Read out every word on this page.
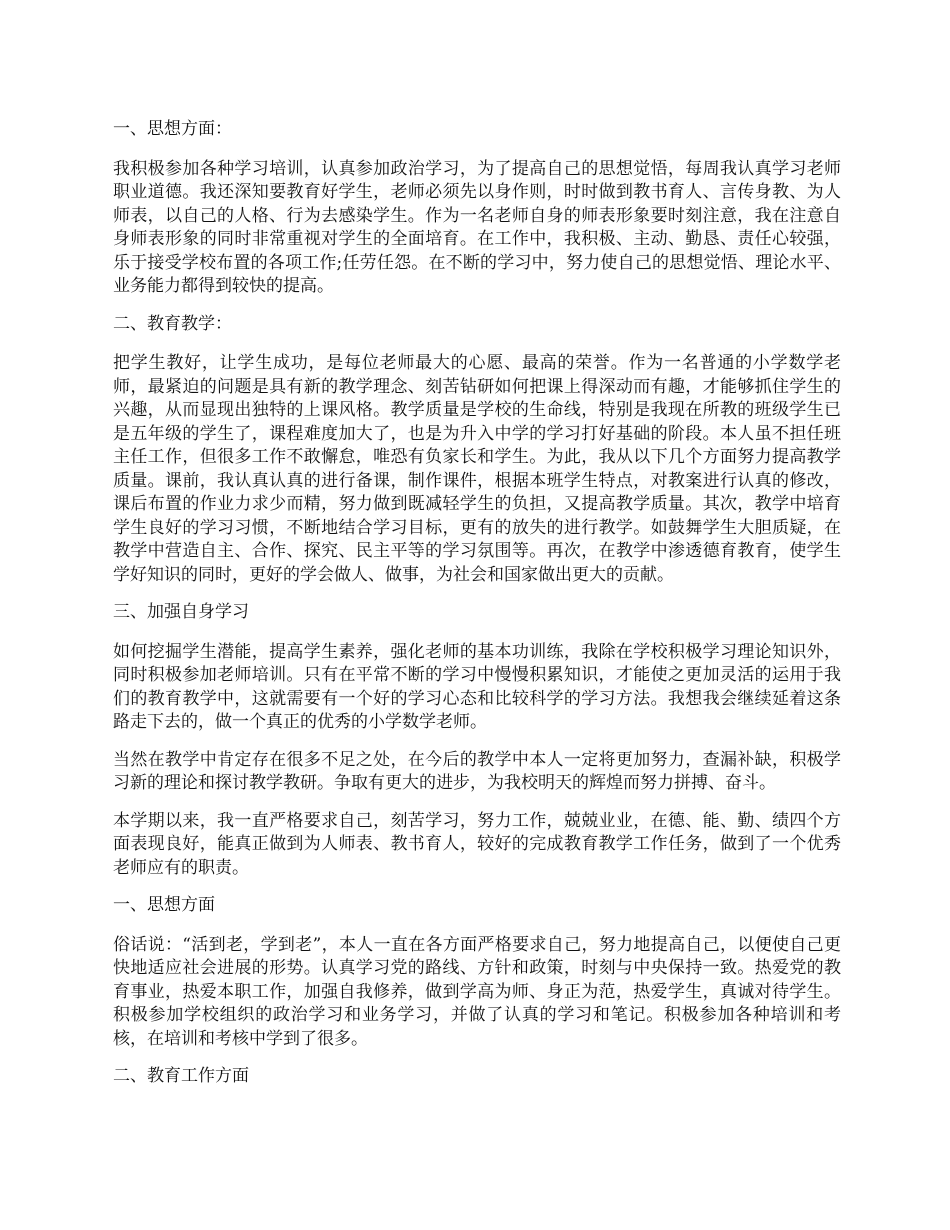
一、思想方面：

我积极参加各种学习培训，认真参加政治学习，为了提高自己的思想觉悟，每周我认真学习老师职业道德。我还深知要教育好学生，老师必须先以身作则，时时做到教书育人、言传身教、为人师表，以自己的人格、行为去感染学生。作为一名老师自身的师表形象要时刻注意，我在注意自身师表形象的同时非常重视对学生的全面培育。在工作中，我积极、主动、勤恳、责任心较强，乐于接受学校布置的各项工作;任劳任怨。在不断的学习中，努力使自己的思想觉悟、理论水平、业务能力都得到较快的提高。

二、教育教学：

把学生教好，让学生成功，是每位老师最大的心愿、最高的荣誉。作为一名普通的小学数学老师，最紧迫的问题是具有新的教学理念、刻苦钻研如何把课上得深动而有趣，才能够抓住学生的兴趣，从而显现出独特的上课风格。教学质量是学校的生命线，特别是我现在所教的班级学生已是五年级的学生了，课程难度加大了，也是为升入中学的学习打好基础的阶段。本人虽不担任班主任工作，但很多工作不敢懈怠，唯恐有负家长和学生。为此，我从以下几个方面努力提高教学质量。课前，我认真认真的进行备课，制作课件，根据本班学生特点，对教案进行认真的修改，课后布置的作业力求少而精，努力做到既减轻学生的负担，又提高教学质量。其次，教学中培育学生良好的学习习惯，不断地结合学习目标，更有的放失的进行教学。如鼓舞学生大胆质疑，在教学中营造自主、合作、探究、民主平等的学习氛围等。再次，在教学中渗透德育教育，使学生学好知识的同时，更好的学会做人、做事，为社会和国家做出更大的贡献。

三、加强自身学习

如何挖掘学生潜能，提高学生素养，强化老师的基本功训练，我除在学校积极学习理论知识外，同时积极参加老师培训。只有在平常不断的学习中慢慢积累知识，才能使之更加灵活的运用于我们的教育教学中，这就需要有一个好的学习心态和比较科学的学习方法。我想我会继续延着这条路走下去的，做一个真正的优秀的小学数学老师。

当然在教学中肯定存在很多不足之处，在今后的教学中本人一定将更加努力，查漏补缺，积极学习新的理论和探讨教学教研。争取有更大的进步，为我校明天的辉煌而努力拼搏、奋斗。

本学期以来，我一直严格要求自己，刻苦学习，努力工作，兢兢业业，在德、能、勤、绩四个方面表现良好，能真正做到为人师表、教书育人，较好的完成教育教学工作任务，做到了一个优秀老师应有的职责。

一、思想方面

俗话说：“活到老，学到老”，本人一直在各方面严格要求自己，努力地提高自己，以便使自己更快地适应社会进展的形势。认真学习党的路线、方针和政策，时刻与中央保持一致。热爱党的教育事业，热爱本职工作，加强自我修养，做到学高为师、身正为范，热爱学生，真诚对待学生。积极参加学校组织的政治学习和业务学习，并做了认真的学习和笔记。积极参加各种培训和考核，在培训和考核中学到了很多。

二、教育工作方面
